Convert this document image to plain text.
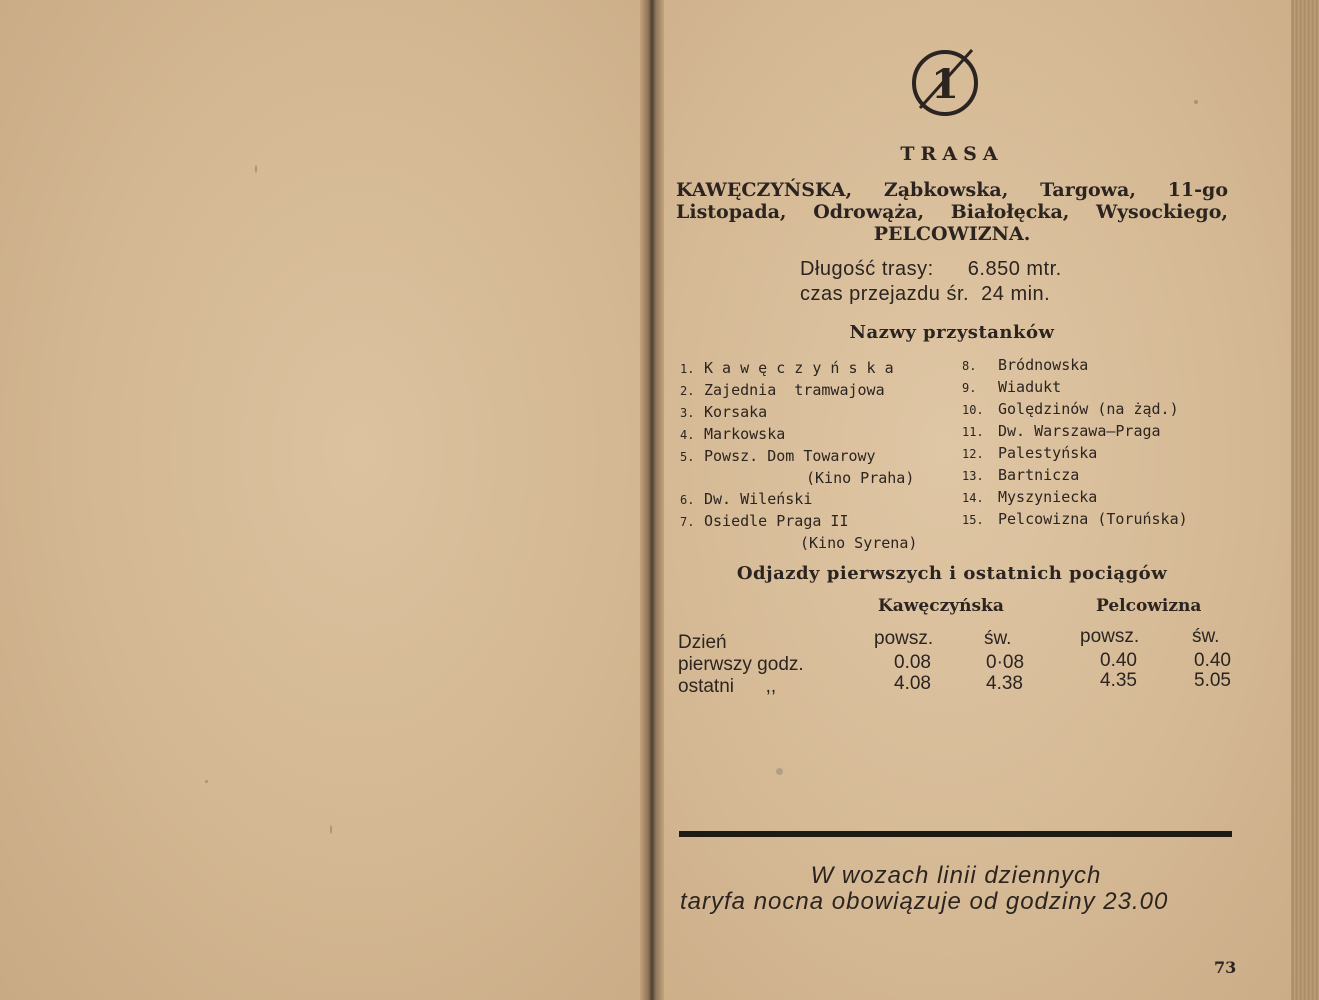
1
TRASA
KAWĘCZYŃSKA, Ząbkowska, Targowa, 11-go
Listopada, Odrowąża, Białołęcka, Wysockiego,
PELCOWIZNA.
Długość trasy: 6.850 mtr.
czas przejazdu śr. 24 min.
Nazwy przystanków
1. K a w ę c z y ń s k a
2. Zajednia  tramwajowa
3. Korsaka
4. Markowska
5. Powsz. Dom Towarowy
(Kino Praha)
6. Dw. Wileński
7. Osiedle Praga II
(Kino Syrena)
8. Bródnowska
9. Wiadukt
10. Golędzinów (na żąd.)
11. Dw. Warszawa—Praga
12. Palestyńska
13. Bartnicza
14. Myszyniecka
15. Pelcowizna (Toruńska)
Odjazdy pierwszych i ostatnich pociągów
Kawęczyńska	Pelcowizna
Dzień	powsz.	św.	powsz.	św.
pierwszy godz.	0.08	0·08	0.40	0.40
ostatni      ,,	4.08	4.38	4.35	5.05
W wozach linii dziennych
taryfa nocna obowiązuje od godziny 23.00
73
